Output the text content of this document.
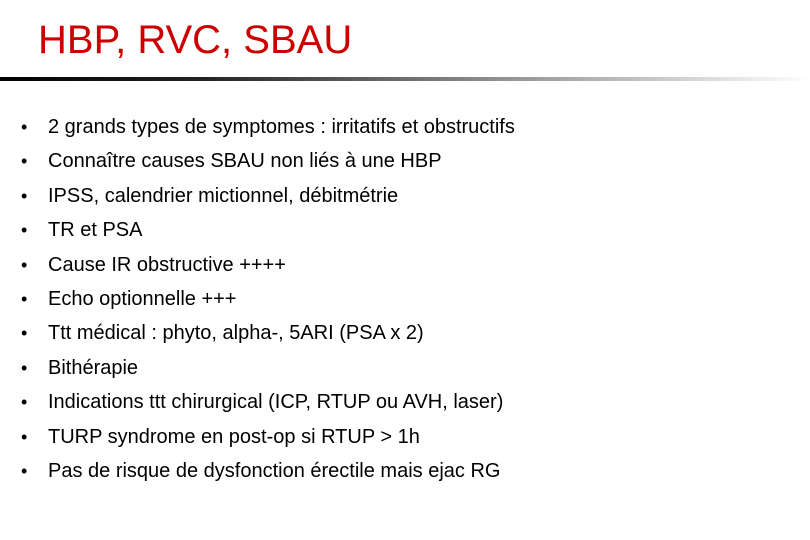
HBP, RVC, SBAU
• 2 grands types de symptomes : irritatifs et obstructifs
• Connaître causes SBAU non liés à une HBP
• IPSS, calendrier mictionnel, débitmétrie
• TR et PSA
• Cause IR obstructive ++++
• Echo optionnelle +++
• Ttt médical : phyto, alpha-, 5ARI (PSA x 2)
• Bithérapie
• Indications ttt chirurgical (ICP, RTUP ou AVH, laser)
• TURP syndrome en post-op si RTUP > 1h
• Pas de risque de dysfonction érectile mais ejac RG
